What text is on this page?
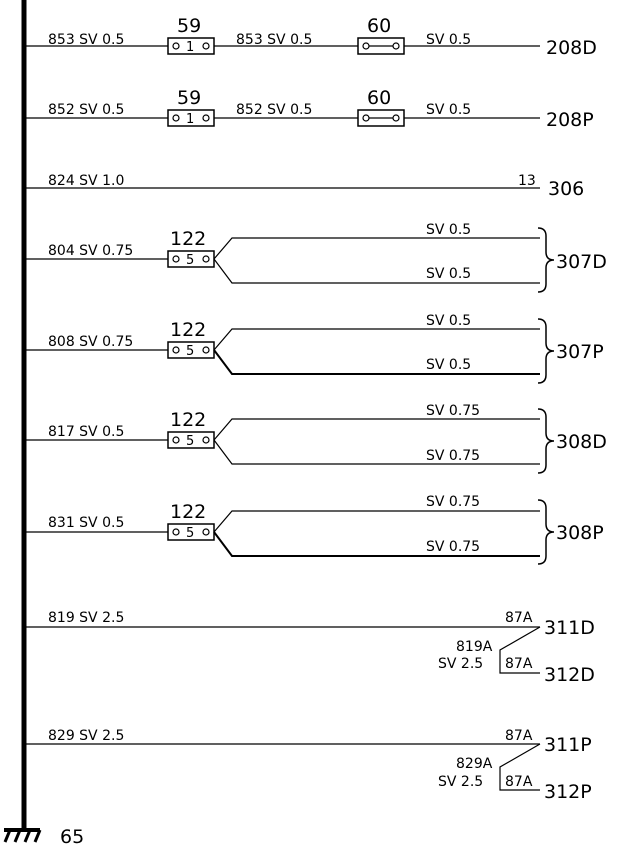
65
853 SV 0.5	1
59
853 SV 0.5
60
SV 0.5	208D
852 SV 0.5
1
59
852 SV 0.5
60
SV 0.5	208P
824 SV 1.0	13 306
804 SV 0.75
5
122	SV 0.5
SV 0.5
307D
808 SV 0.75
5
122	SV 0.5
SV 0.5
307P
817 SV 0.5
5
122	SV 0.75
SV 0.75
308D
831 SV 0.5
5
122	SV 0.75
SV 0.75
308P
819 SV 2.5	87A 311D
819A
SV 2.5 87A 312D
829 SV 2.5	87A 311P
829A
SV 2.5 87A 312P
